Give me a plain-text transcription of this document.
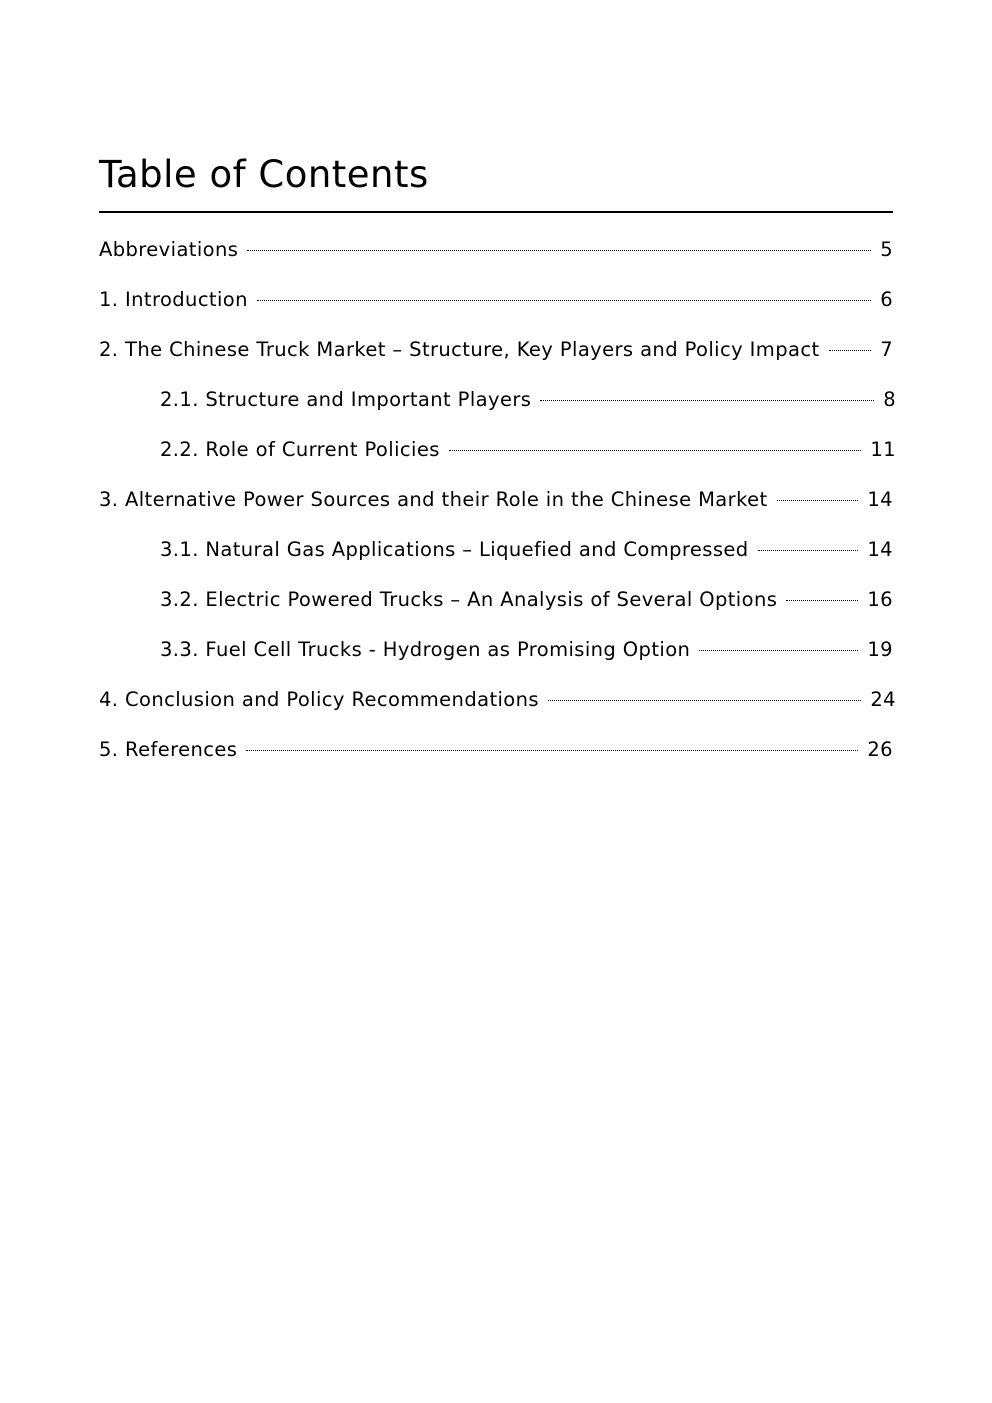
Table of Contents
Abbreviations	5
1. Introduction	6
2. The Chinese Truck Market – Structure, Key Players and Policy Impact	7
2.1. Structure and Important Players	8
2.2. Role of Current Policies	11
3. Alternative Power Sources and their Role in the Chinese Market	14
3.1. Natural Gas Applications – Liquefied and Compressed	14
3.2. Electric Powered Trucks – An Analysis of Several Options	16
3.3. Fuel Cell Trucks - Hydrogen as Promising Option	19
4. Conclusion and Policy Recommendations	24
5. References	26
